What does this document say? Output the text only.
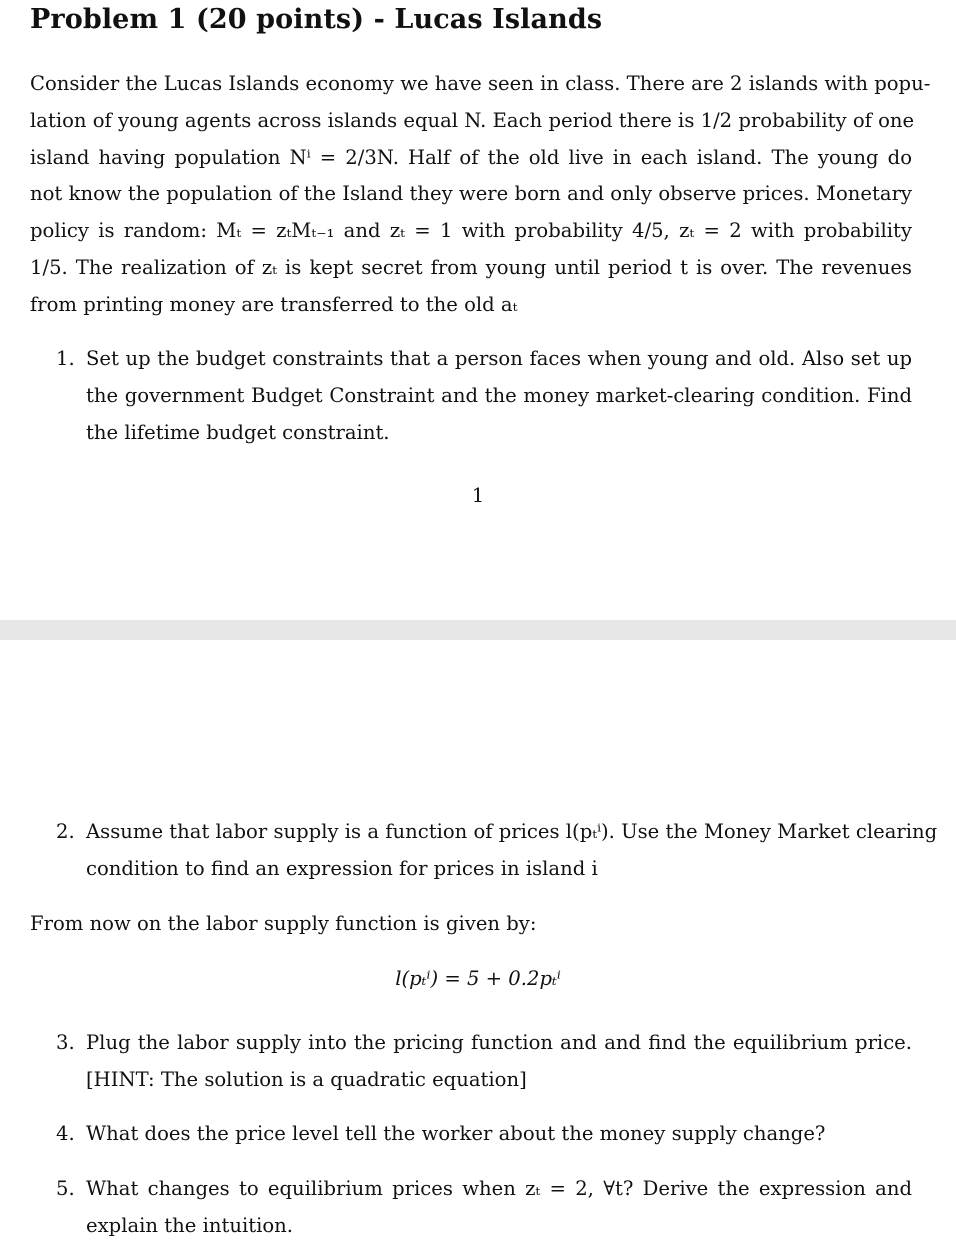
Problem 1 (20 points) - Lucas Islands
Consider the Lucas Islands economy we have seen in class. There are 2 islands with popu-
lation of young agents across islands equal N. Each period there is 1/2 probability of one
island having population Nⁱ = 2/3N. Half of the old live in each island. The young do
not know the population of the Island they were born and only observe prices. Monetary
policy is random: Mₜ = zₜMₜ₋₁ and zₜ = 1 with probability 4/5, zₜ = 2 with probability
1/5. The realization of zₜ is kept secret from young until period t is over. The revenues
from printing money are transferred to the old aₜ
1. Set up the budget constraints that a person faces when young and old. Also set up
the government Budget Constraint and the money market-clearing condition. Find
the lifetime budget constraint.
1
2. Assume that labor supply is a function of prices l(pₜⁱ). Use the Money Market clearing
condition to find an expression for prices in island i
From now on the labor supply function is given by:
l(pₜⁱ) = 5 + 0.2pₜⁱ
3. Plug the labor supply into the pricing function and and find the equilibrium price.
[HINT: The solution is a quadratic equation]
4. What does the price level tell the worker about the money supply change?
5. What changes to equilibrium prices when zₜ = 2, ∀t? Derive the expression and
explain the intuition.
